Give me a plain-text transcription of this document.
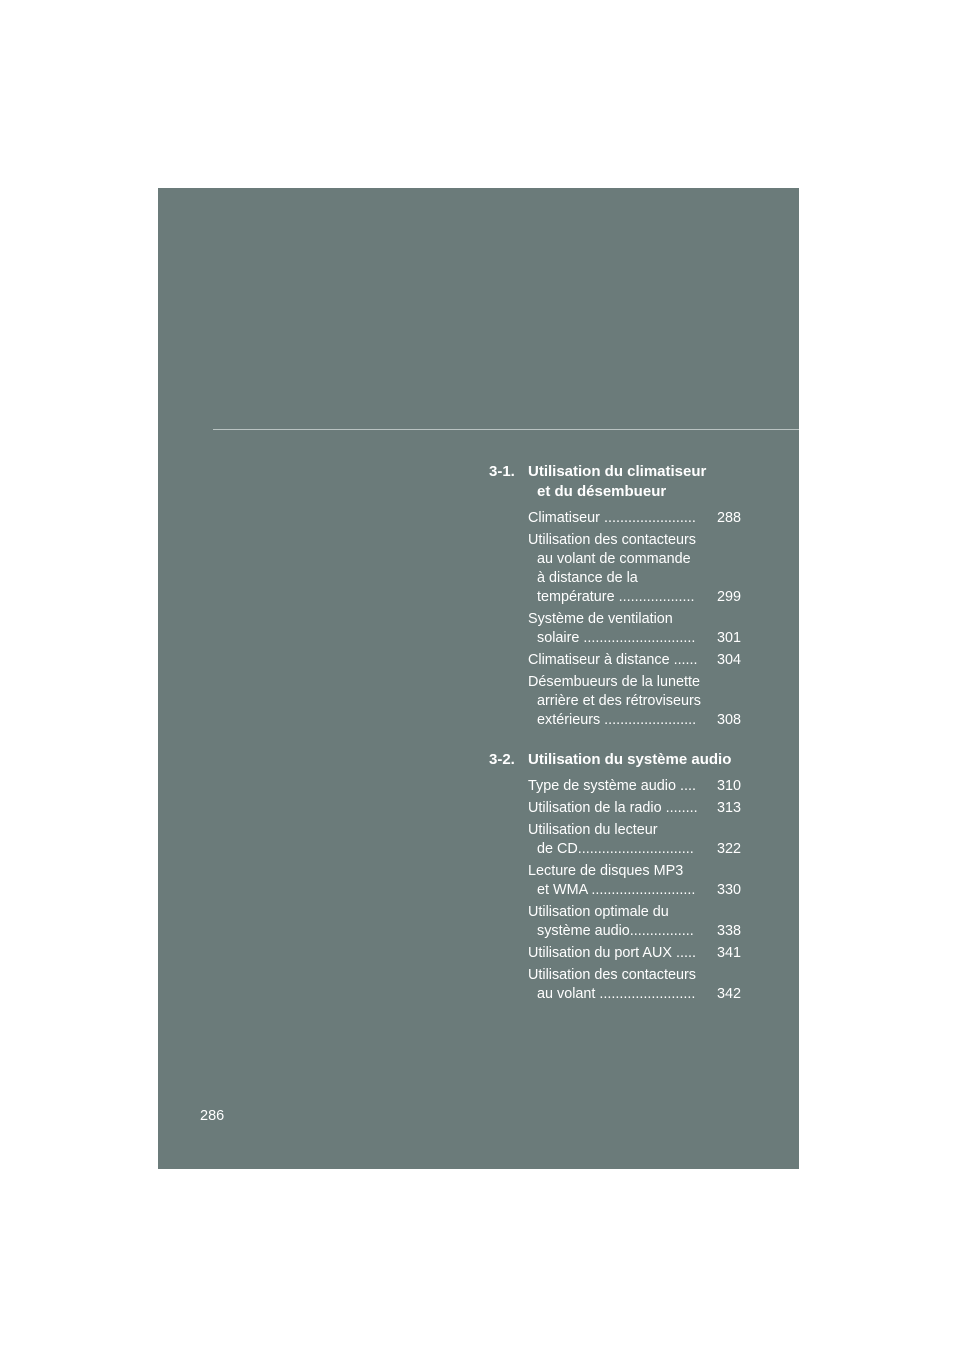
3-1. Utilisation du climatiseur
et du désembueur
Climatiseur .......................	288
Utilisation des contacteurs
au volant de commande
à distance de la
température ...................	299
Système de ventilation
solaire ............................	301
Climatiseur à distance ......	304
Désembueurs de la lunette
arrière et des rétroviseurs
extérieurs .......................	308
3-2. Utilisation du système audio
Type de système audio ....	310
Utilisation de la radio ........	313
Utilisation du lecteur
de CD.............................	322
Lecture de disques MP3
et WMA ..........................	330
Utilisation optimale du
système audio................	338
Utilisation du port AUX .....	341
Utilisation des contacteurs
au volant ........................	342
286
